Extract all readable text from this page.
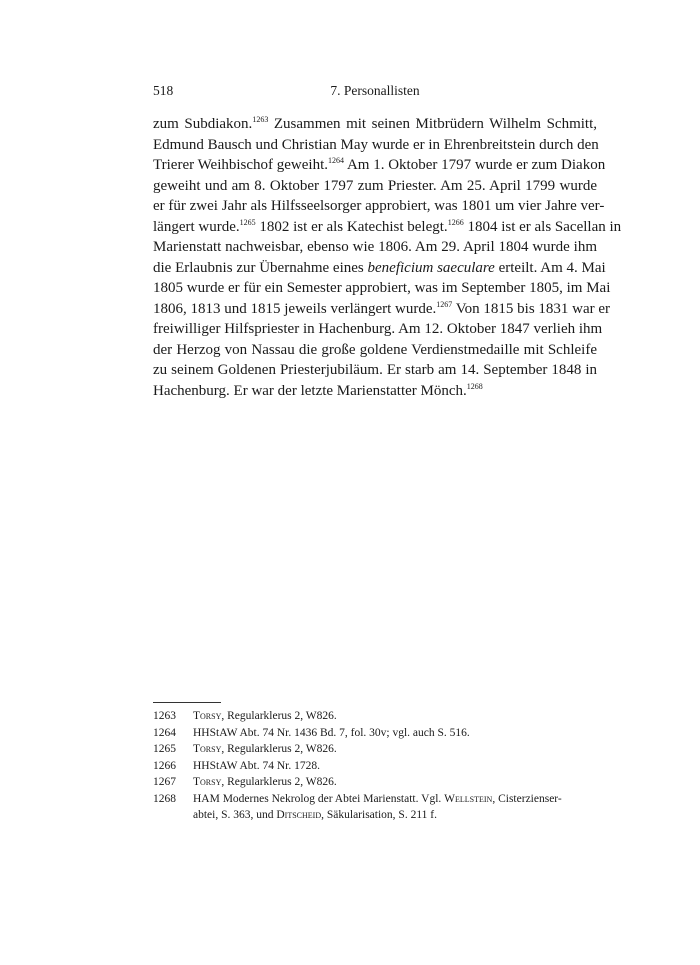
518	7. Personallisten

zum Subdiakon.$^{1263}$ Zusammen mit seinen Mitbrüdern Wilhelm Schmitt,
Edmund Bausch und Christian May wurde er in Ehrenbreitstein durch den
Trierer Weihbischof geweiht.$^{1264}$ Am 1. Oktober 1797 wurde er zum Diakon
geweiht und am 8. Oktober 1797 zum Priester. Am 25. April 1799 wurde
er für zwei Jahr als Hilfsseelsorger approbiert, was 1801 um vier Jahre ver-
längert wurde.$^{1265}$ 1802 ist er als Katechist belegt.$^{1266}$ 1804 ist er als Sacellan in
Marienstatt nachweisbar, ebenso wie 1806. Am 29. April 1804 wurde ihm
die Erlaubnis zur Übernahme eines beneficium saeculare erteilt. Am 4. Mai
1805 wurde er für ein Semester approbiert, was im September 1805, im Mai
1806, 1813 und 1815 jeweils verlängert wurde.$^{1267}$ Von 1815 bis 1831 war er
freiwilliger Hilfspriester in Hachenburg. Am 12. Oktober 1847 verlieh ihm
der Herzog von Nassau die große goldene Verdienstmedaille mit Schleife
zu seinem Goldenen Priesterjubiläum. Er starb am 14. September 1848 in
Hachenburg. Er war der letzte Marienstatter Mönch.$^{1268}$

1263 Torsy, Regularklerus 2, W826.
1264 HHStAW Abt. 74 Nr. 1436 Bd. 7, fol. 30v; vgl. auch S. 516.
1265 Torsy, Regularklerus 2, W826.
1266 HHStAW Abt. 74 Nr. 1728.
1267 Torsy, Regularklerus 2, W826.
1268 HAM Modernes Nekrolog der Abtei Marienstatt. Vgl. Wellstein, Cisterzienser-
abtei, S. 363, und Ditscheid, Säkularisation, S. 211 f.
